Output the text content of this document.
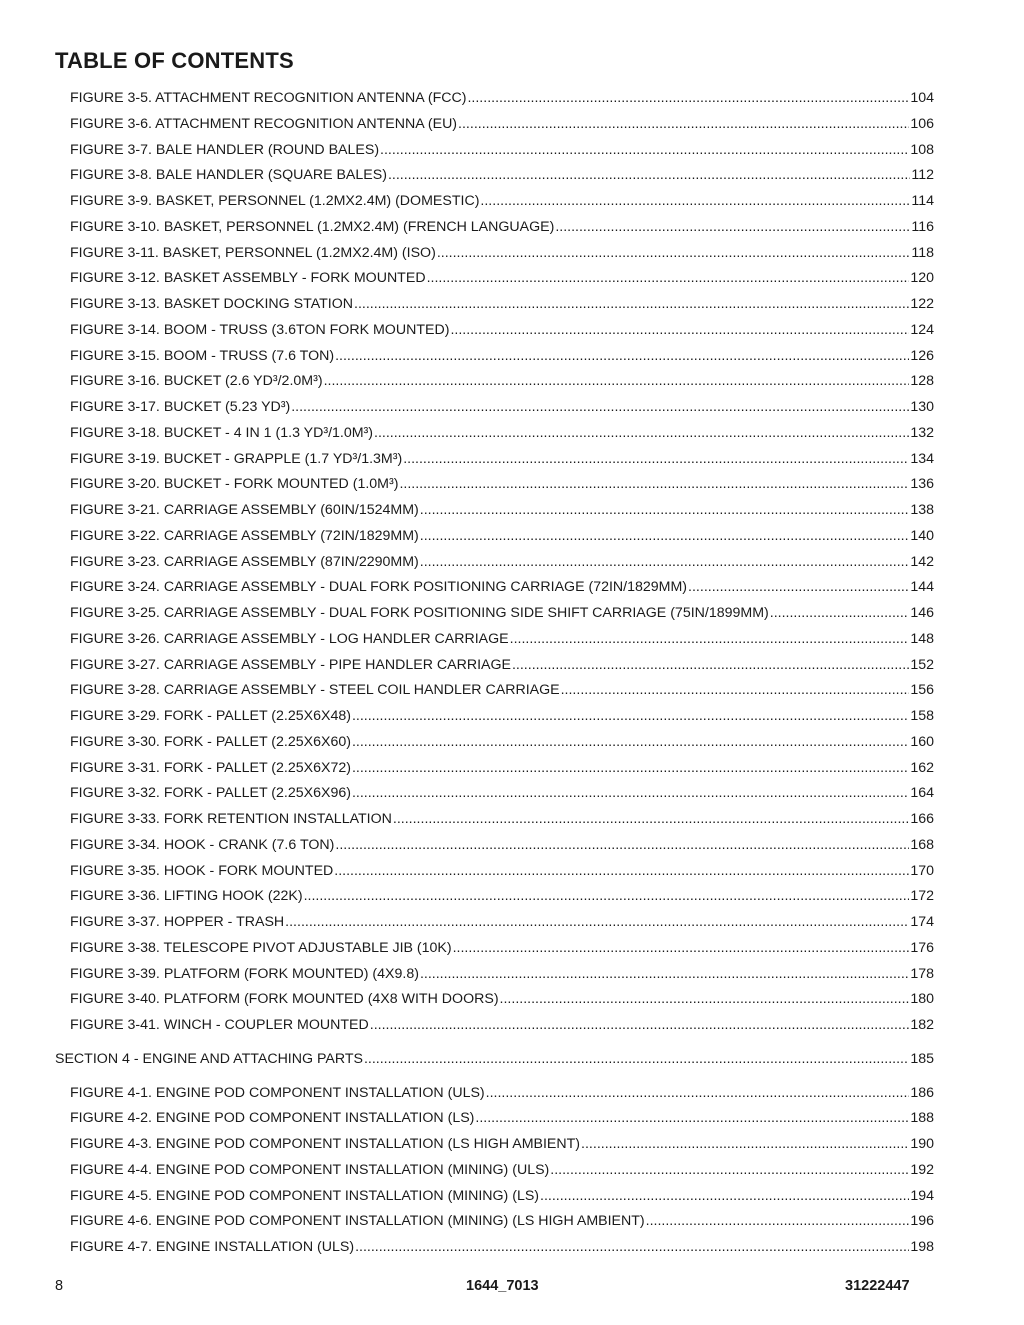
TABLE OF CONTENTS
FIGURE 3-5. ATTACHMENT RECOGNITION ANTENNA (FCC) .....	104
FIGURE 3-6. ATTACHMENT RECOGNITION ANTENNA (EU) .....	106
FIGURE 3-7. BALE HANDLER (ROUND BALES) .....	108
FIGURE 3-8. BALE HANDLER (SQUARE BALES) .....	112
FIGURE 3-9. BASKET, PERSONNEL (1.2MX2.4M) (DOMESTIC) .....	114
FIGURE 3-10. BASKET, PERSONNEL (1.2MX2.4M) (FRENCH LANGUAGE) .....	116
FIGURE 3-11. BASKET, PERSONNEL (1.2MX2.4M) (ISO) .....	118
FIGURE 3-12. BASKET ASSEMBLY - FORK MOUNTED .....	120
FIGURE 3-13. BASKET DOCKING STATION .....	122
FIGURE 3-14. BOOM - TRUSS (3.6TON FORK MOUNTED) .....	124
FIGURE 3-15. BOOM - TRUSS (7.6 TON) .....	126
FIGURE 3-16. BUCKET (2.6 YD³/2.0M³) .....	128
FIGURE 3-17. BUCKET (5.23 YD³) .....	130
FIGURE 3-18. BUCKET - 4 IN 1 (1.3 YD³/1.0M³) .....	132
FIGURE 3-19. BUCKET - GRAPPLE (1.7 YD³/1.3M³) .....	134
FIGURE 3-20. BUCKET - FORK MOUNTED (1.0M³) .....	136
FIGURE 3-21. CARRIAGE ASSEMBLY (60IN/1524MM) .....	138
FIGURE 3-22. CARRIAGE ASSEMBLY (72IN/1829MM) .....	140
FIGURE 3-23. CARRIAGE ASSEMBLY (87IN/2290MM) .....	142
FIGURE 3-24. CARRIAGE ASSEMBLY - DUAL FORK POSITIONING CARRIAGE (72IN/1829MM) .....	144
FIGURE 3-25. CARRIAGE ASSEMBLY - DUAL FORK POSITIONING SIDE SHIFT CARRIAGE (75IN/1899MM) .....	146
FIGURE 3-26. CARRIAGE ASSEMBLY - LOG HANDLER CARRIAGE .....	148
FIGURE 3-27. CARRIAGE ASSEMBLY - PIPE HANDLER CARRIAGE .....	152
FIGURE 3-28. CARRIAGE ASSEMBLY - STEEL COIL HANDLER CARRIAGE .....	156
FIGURE 3-29. FORK - PALLET (2.25X6X48) .....	158
FIGURE 3-30. FORK - PALLET (2.25X6X60) .....	160
FIGURE 3-31. FORK - PALLET (2.25X6X72) .....	162
FIGURE 3-32. FORK - PALLET (2.25X6X96) .....	164
FIGURE 3-33. FORK RETENTION INSTALLATION .....	166
FIGURE 3-34. HOOK - CRANK (7.6 TON) .....	168
FIGURE 3-35. HOOK - FORK MOUNTED .....	170
FIGURE 3-36. LIFTING HOOK (22K) .....	172
FIGURE 3-37. HOPPER - TRASH .....	174
FIGURE 3-38. TELESCOPE PIVOT ADJUSTABLE JIB (10K) .....	176
FIGURE 3-39. PLATFORM (FORK MOUNTED) (4X9.8) .....	178
FIGURE 3-40. PLATFORM (FORK MOUNTED (4X8 WITH DOORS) .....	180
FIGURE 3-41. WINCH - COUPLER MOUNTED .....	182
SECTION 4 - ENGINE AND ATTACHING PARTS .....	185
FIGURE 4-1. ENGINE POD COMPONENT INSTALLATION (ULS) .....	186
FIGURE 4-2. ENGINE POD COMPONENT INSTALLATION (LS) .....	188
FIGURE 4-3. ENGINE POD COMPONENT INSTALLATION (LS HIGH AMBIENT) .....	190
FIGURE 4-4. ENGINE POD COMPONENT INSTALLATION (MINING) (ULS) .....	192
FIGURE 4-5. ENGINE POD COMPONENT INSTALLATION (MINING) (LS) .....	194
FIGURE 4-6. ENGINE POD COMPONENT INSTALLATION (MINING) (LS HIGH AMBIENT) .....	196
FIGURE 4-7. ENGINE INSTALLATION (ULS) .....	198
8	1644_7013	31222447
